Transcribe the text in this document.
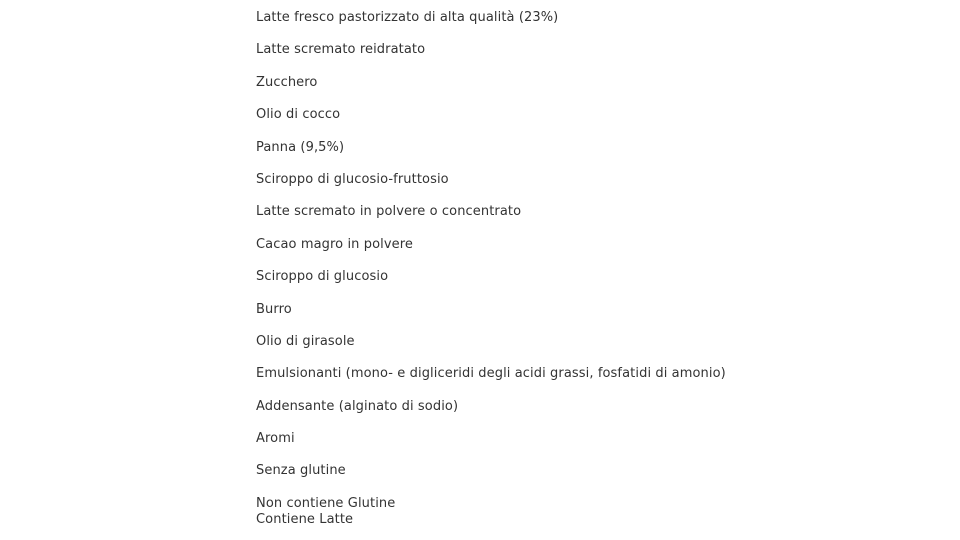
Latte fresco pastorizzato di alta qualità (23%)
Latte scremato reidratato
Zucchero
Olio di cocco
Panna (9,5%)
Sciroppo di glucosio-fruttosio
Latte scremato in polvere o concentrato
Cacao magro in polvere
Sciroppo di glucosio
Burro
Olio di girasole
Emulsionanti (mono- e digliceridi degli acidi grassi, fosfatidi di amonio)
Addensante (alginato di sodio)
Aromi
Senza glutine
Non contiene Glutine
Contiene Latte
